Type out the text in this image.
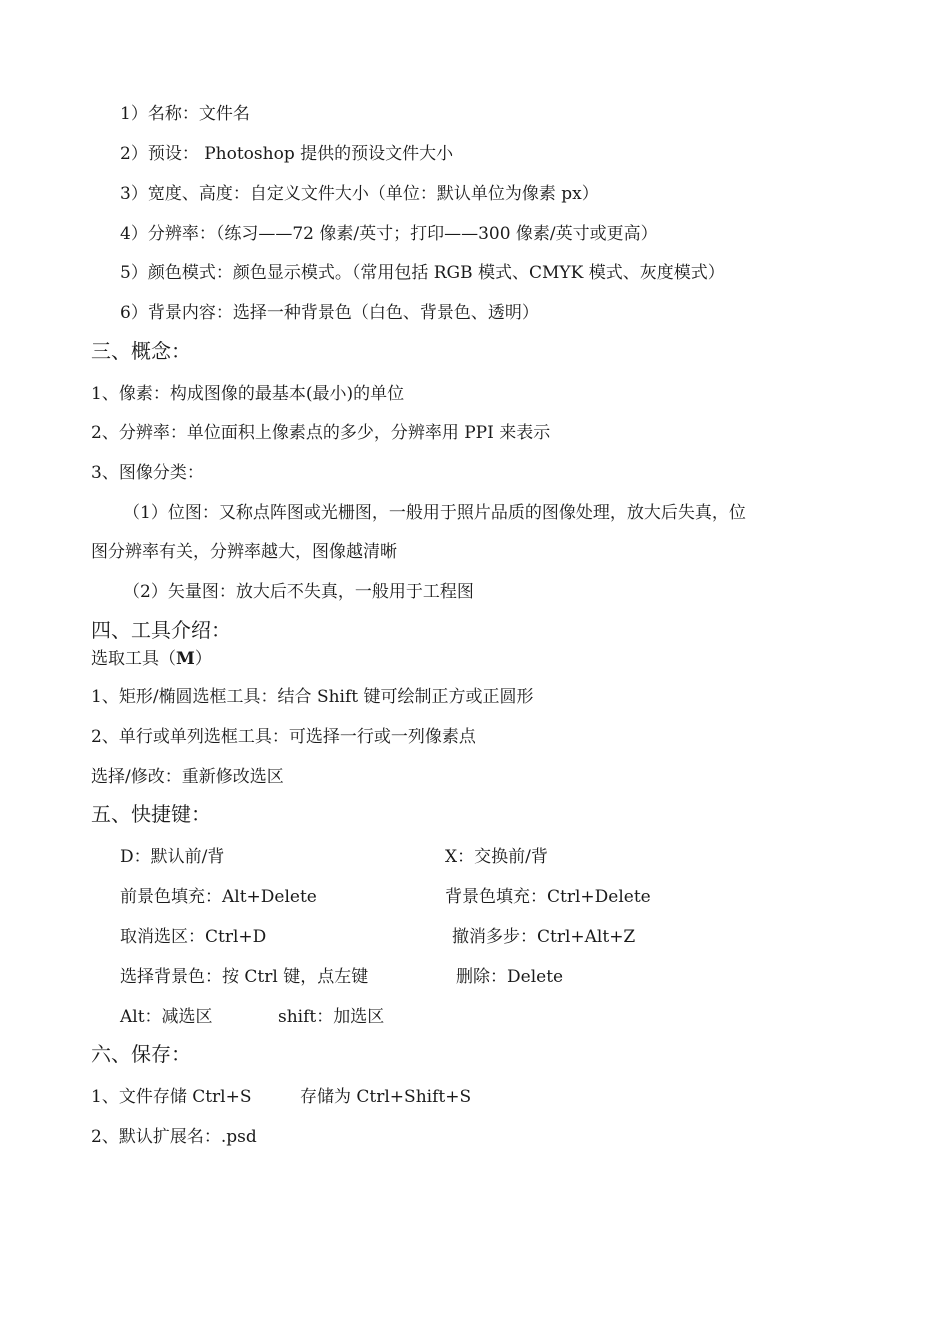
1）名称：文件名
2）预设： Photoshop 提供的预设文件大小
3）宽度、高度：自定义文件大小（单位：默认单位为像素 px）
4）分辨率：（练习——72 像素/英寸；打印——300 像素/英寸或更高）
5）颜色模式：颜色显示模式。（常用包括 RGB 模式、CMYK 模式、灰度模式）
6）背景内容：选择一种背景色（白色、背景色、透明）
三、概念：
1、像素：构成图像的最基本(最小)的单位
2、分辨率：单位面积上像素点的多少，分辨率用 PPI 来表示
3、图像分类：
（1）位图：又称点阵图或光栅图，一般用于照片品质的图像处理，放大后失真，位
图分辨率有关，分辨率越大，图像越清晰
（2）矢量图：放大后不失真，一般用于工程图
四、工具介绍：
选取工具（M）
1、矩形/椭圆选框工具：结合 Shift 键可绘制正方或正圆形
2、单行或单列选框工具：可选择一行或一列像素点
选择/修改：重新修改选区
五、快捷键：
D：默认前/背	X：交换前/背
前景色填充：Alt+Delete	背景色填充：Ctrl+Delete
取消选区：Ctrl+D	撤消多步：Ctrl+Alt+Z
选择背景色：按 Ctrl 键，点左键	删除：Delete
Alt：减选区	shift：加选区
六、保存：
1、文件存储 Ctrl+S	存储为 Ctrl+Shift+S
2、默认扩展名：.psd
